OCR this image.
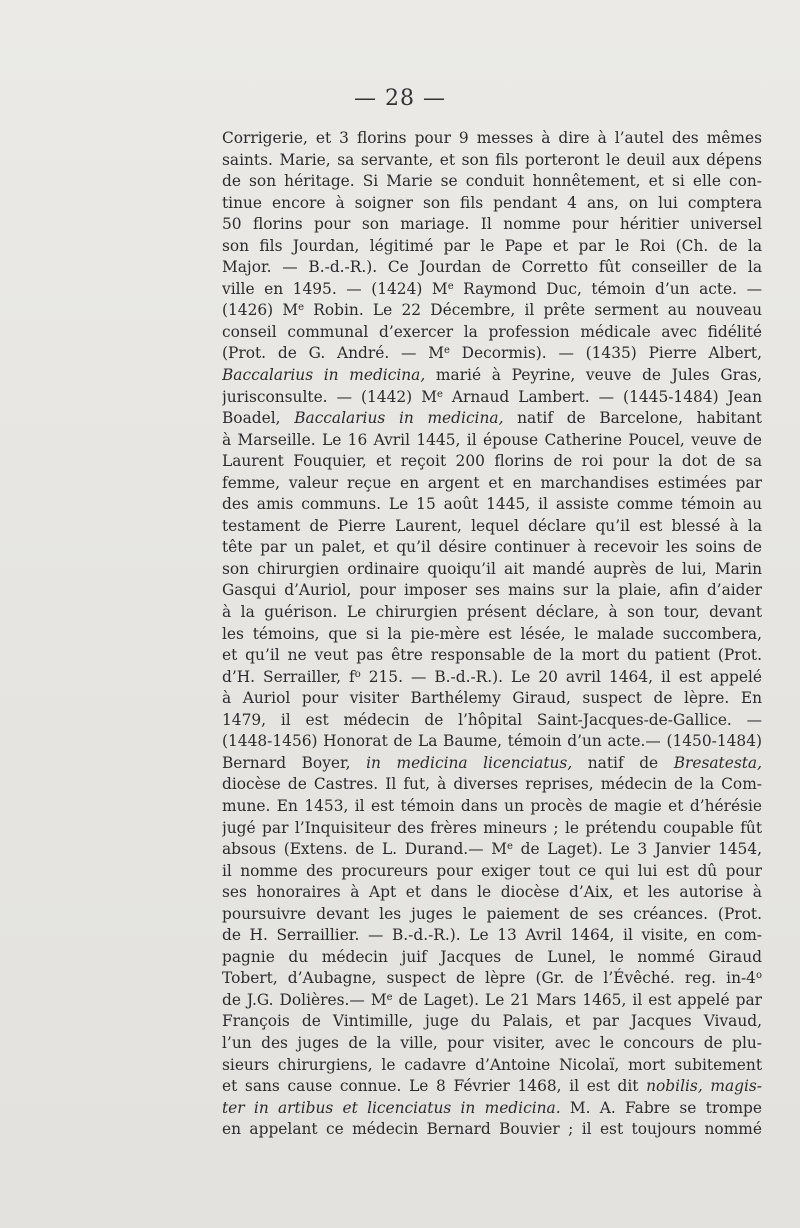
— 28 —
Corrigerie, et 3 florins pour 9 messes à dire à l’autel des mêmes
saints. Marie, sa servante, et son fils porteront le deuil aux dépens
de son héritage. Si Marie se conduit honnêtement, et si elle con-
tinue encore à soigner son fils pendant 4 ans, on lui comptera
50 florins pour son mariage. Il nomme pour héritier universel
son fils Jourdan, légitimé par le Pape et par le Roi (Ch. de la
Major. — B.-d.-R.). Ce Jourdan de Corretto fût conseiller de la
ville en 1495. — (1424) Me Raymond Duc, témoin d’un acte. —
(1426) Me Robin. Le 22 Décembre, il prête serment au nouveau
conseil communal d’exercer la profession médicale avec fidélité
(Prot. de G. André. — Me Decormis). — (1435) Pierre Albert,
Baccalarius in medicina, marié à Peyrine, veuve de Jules Gras,
jurisconsulte. — (1442) Me Arnaud Lambert. — (1445-1484) Jean
Boadel, Baccalarius in medicina, natif de Barcelone, habitant
à Marseille. Le 16 Avril 1445, il épouse Catherine Poucel, veuve de
Laurent Fouquier, et reçoit 200 florins de roi pour la dot de sa
femme, valeur reçue en argent et en marchandises estimées par
des amis communs. Le 15 août 1445, il assiste comme témoin au
testament de Pierre Laurent, lequel déclare qu’il est blessé à la
tête par un palet, et qu’il désire continuer à recevoir les soins de
son chirurgien ordinaire quoiqu’il ait mandé auprès de lui, Marin
Gasqui d’Auriol, pour imposer ses mains sur la plaie, afin d’aider
à la guérison. Le chirurgien présent déclare, à son tour, devant
les témoins, que si la pie-mère est lésée, le malade succombera,
et qu’il ne veut pas être responsable de la mort du patient (Prot.
d’H. Serrailler, $f^o$ 215. — B.-d.-R.). Le 20 avril 1464, il est appelé
à Auriol pour visiter Barthélemy Giraud, suspect de lèpre. En
1479, il est médecin de l’hôpital Saint-Jacques-de-Gallice. —
(1448-1456) Honorat de La Baume, témoin d’un acte.— (1450-1484)
Bernard Boyer, in medicina licenciatus, natif de Bresatesta,
diocèse de Castres. Il fut, à diverses reprises, médecin de la Com-
mune. En 1453, il est témoin dans un procès de magie et d’hérésie
jugé par l’Inquisiteur des frères mineurs ; le prétendu coupable fût
absous (Extens. de L. Durand.— Me de Laget). Le 3 Janvier 1454,
il nomme des procureurs pour exiger tout ce qui lui est dû pour
ses honoraires à Apt et dans le diocèse d’Aix, et les autorise à
poursuivre devant les juges le paiement de ses créances. (Prot.
de H. Serraillier. — B.-d.-R.). Le 13 Avril 1464, il visite, en com-
pagnie du médecin juif Jacques de Lunel, le nommé Giraud
Tobert, d’Aubagne, suspect de lèpre (Gr. de l’Évêché. reg. in-4$^o$
de J.G. Dolières.— Me de Laget). Le 21 Mars 1465, il est appelé par
François de Vintimille, juge du Palais, et par Jacques Vivaud,
l’un des juges de la ville, pour visiter, avec le concours de plu-
sieurs chirurgiens, le cadavre d’Antoine Nicolaï, mort subitement
et sans cause connue. Le 8 Février 1468, il est dit nobilis, magis-
ter in artibus et licenciatus in medicina. M. A. Fabre se trompe
en appelant ce médecin Bernard Bouvier ; il est toujours nommé
